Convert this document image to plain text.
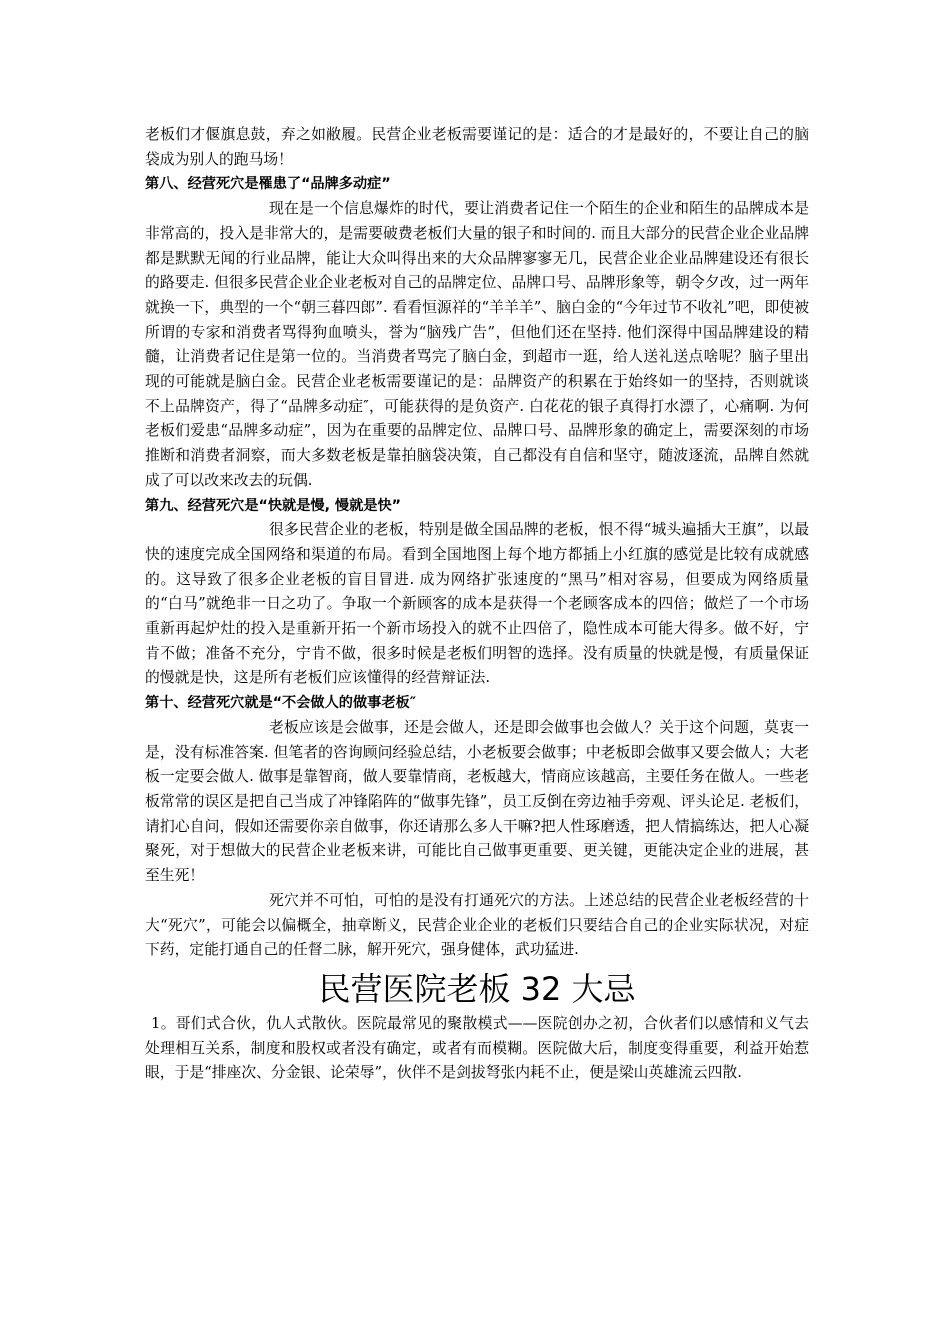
老板们才偃旗息鼓，弃之如敝履。民营企业老板需要谨记的是：适合的才是最好的，不要让自己的脑袋成为别人的跑马场！

第八、经营死穴是罹患了“品牌多动症”

现在是一个信息爆炸的时代，要让消费者记住一个陌生的企业和陌生的品牌成本是非常高的，投入是非常大的，是需要破费老板们大量的银子和时间的. 而且大部分的民营企业企业品牌都是默默无闻的行业品牌，能让大众叫得出来的大众品牌寥寥无几，民营企业企业品牌建设还有很长的路要走. 但很多民营企业企业老板对自己的品牌定位、品牌口号、品牌形象等，朝令夕改，过一两年就换一下，典型的一个“朝三暮四郎”. 看看恒源祥的“羊羊羊”、脑白金的“今年过节不收礼”吧，即使被所谓的专家和消费者骂得狗血喷头，誉为“脑残广告”，但他们还在坚持. 他们深得中国品牌建设的精髓，让消费者记住是第一位的。当消费者骂完了脑白金，到超市一逛，给人送礼送点啥呢？脑子里出现的可能就是脑白金。民营企业老板需要谨记的是：品牌资产的积累在于始终如一的坚持，否则就谈不上品牌资产，得了“品牌多动症″，可能获得的是负资产. 白花花的银子真得打水漂了，心痛啊. 为何老板们爱患“品牌多动症”，因为在重要的品牌定位、品牌口号、品牌形象的确定上，需要深刻的市场推断和消费者洞察，而大多数老板是靠拍脑袋决策，自己都没有自信和坚守，随波逐流，品牌自然就成了可以改来改去的玩偶.

第九、经营死穴是“快就是慢, 慢就是快”

很多民营企业的老板，特别是做全国品牌的老板，恨不得“城头遍插大王旗”，以最快的速度完成全国网络和渠道的布局。看到全国地图上每个地方都插上小红旗的感觉是比较有成就感的。这导致了很多企业老板的盲目冒进. 成为网络扩张速度的“黑马”相对容易，但要成为网络质量的“白马”就绝非一日之功了。争取一个新顾客的成本是获得一个老顾客成本的四倍；做烂了一个市场重新再起炉灶的投入是重新开拓一个新市场投入的就不止四倍了，隐性成本可能大得多。做不好，宁肯不做；准备不充分，宁肯不做，很多时候是老板们明智的选择。没有质量的快就是慢，有质量保证的慢就是快，这是所有老板们应该懂得的经营辩证法.

第十、经营死穴就是“不会做人的做事老板″

老板应该是会做事，还是会做人，还是即会做事也会做人？关于这个问题，莫衷一是，没有标准答案. 但笔者的咨询顾问经验总结，小老板要会做事；中老板即会做事又要会做人；大老板一定要会做人. 做事是靠智商，做人要靠情商，老板越大，情商应该越高，主要任务在做人。一些老板常常的误区是把自己当成了冲锋陷阵的“做事先锋”，员工反倒在旁边袖手旁观、评头论足. 老板们，请扪心自问，假如还需要你亲自做事，你还请那么多人干嘛?把人性琢磨透，把人情搞练达，把人心凝聚死，对于想做大的民营企业老板来讲，可能比自己做事更重要、更关键，更能决定企业的进展，甚至生死！

死穴并不可怕，可怕的是没有打通死穴的方法。上述总结的民营企业老板经营的十大“死穴”，可能会以偏概全，抽章断义，民营企业企业的老板们只要结合自己的企业实际状况，对症下药，定能打通自己的任督二脉，解开死穴，强身健体，武功猛进.

民营医院老板 32 大忌

1。哥们式合伙，仇人式散伙。医院最常见的聚散模式——医院创办之初，合伙者们以感情和义气去处理相互关系，制度和股权或者没有确定，或者有而模糊。医院做大后，制度变得重要，利益开始惹眼，于是“排座次、分金银、论荣辱”，伙伴不是剑拔弩张内耗不止，便是梁山英雄流云四散.
